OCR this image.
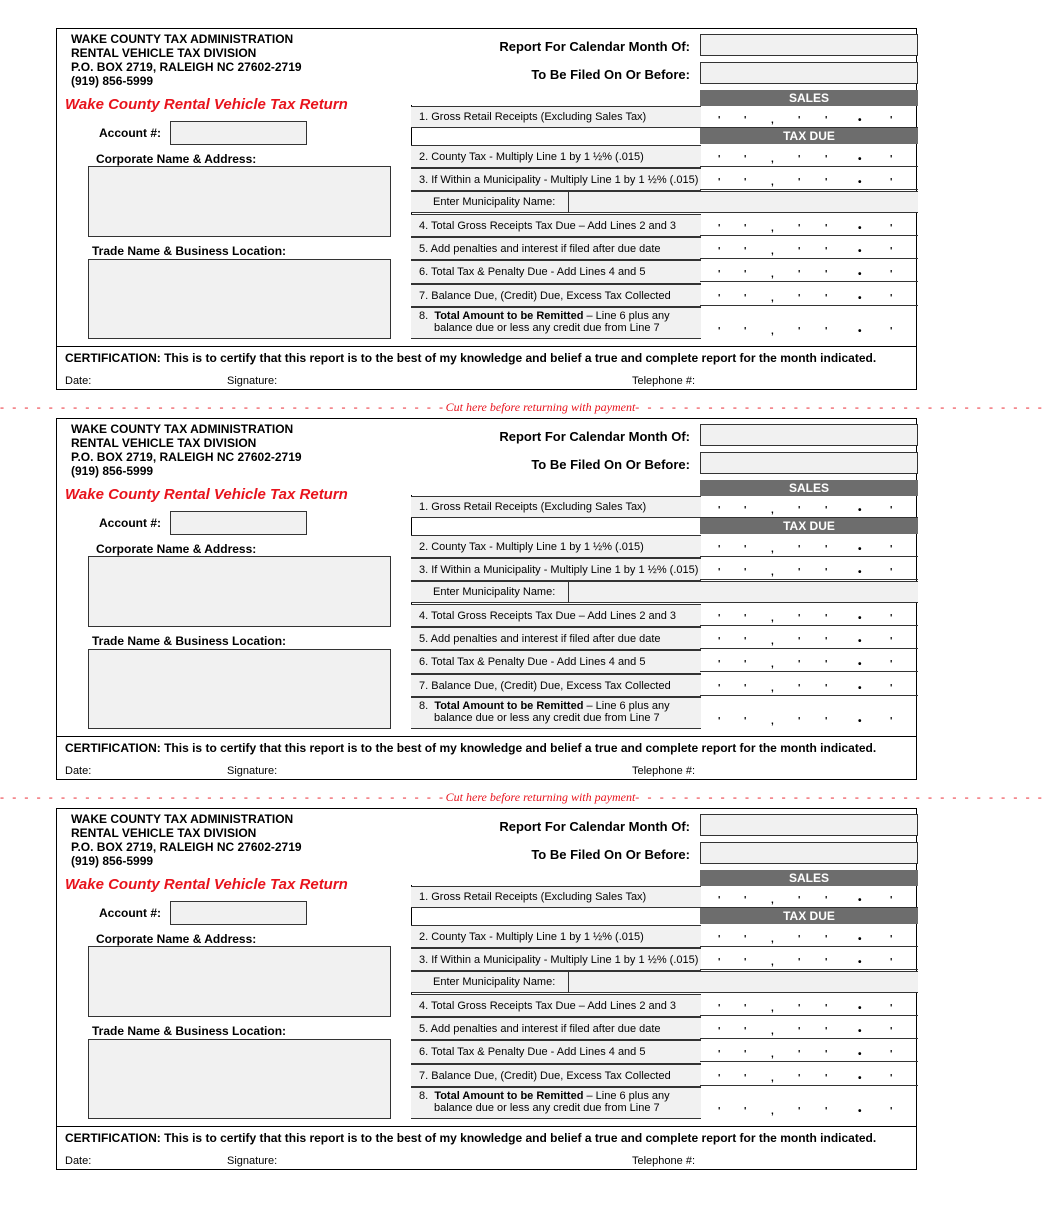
WAKE COUNTY TAX ADMINISTRATION
RENTAL VEHICLE TAX DIVISION
P.O. BOX 2719, RALEIGH NC 27602-2719
(919) 856-5999
Wake County Rental Vehicle Tax Return
Account #:
Corporate Name & Address:
Trade Name & Business Location:
Report For Calendar Month Of:
To Be Filed On Or Before:
SALES
1. Gross Retail Receipts (Excluding Sales Tax)	' ' , ' '	•	'
TAX DUE
2. County Tax - Multiply Line 1 by 1 ½% (.015)	' ' , ' '	•	'
3. If Within a Municipality - Multiply Line 1 by 1 ½% (.015) ' ' , ' '	•	'
Enter Municipality Name:
4. Total Gross Receipts Tax Due – Add Lines 2 and 3	' ' , ' '	•	'
5. Add penalties and interest if filed after due date	' ' , ' '	•	'
6. Total Tax & Penalty Due - Add Lines 4 and 5	' ' , ' '	•	'
7. Balance Due, (Credit) Due, Excess Tax Collected	' ' , ' '	•	'
8. Total Amount to be Remitted – Line 6 plus any
balance due or less any credit due from Line 7	' ' , ' '	•	'
CERTIFICATION: This is to certify that this report is to the best of my knowledge and belief a true and complete report for the month indicated.
Date:	Signature:	Telephone #:
WAKE COUNTY TAX ADMINISTRATION
RENTAL VEHICLE TAX DIVISION
P.O. BOX 2719, RALEIGH NC 27602-2719
(919) 856-5999
Wake County Rental Vehicle Tax Return
Account #:
Corporate Name & Address:
Trade Name & Business Location:
Report For Calendar Month Of:
To Be Filed On Or Before:
SALES
1. Gross Retail Receipts (Excluding Sales Tax)	' ' , ' '	•	'
TAX DUE
2. County Tax - Multiply Line 1 by 1 ½% (.015)	' ' , ' '	•	'
3. If Within a Municipality - Multiply Line 1 by 1 ½% (.015) ' ' , ' '	•	'
Enter Municipality Name:
4. Total Gross Receipts Tax Due – Add Lines 2 and 3	' ' , ' '	•	'
5. Add penalties and interest if filed after due date	' ' , ' '	•	'
6. Total Tax & Penalty Due - Add Lines 4 and 5	' ' , ' '	•	'
7. Balance Due, (Credit) Due, Excess Tax Collected	' ' , ' '	•	'
8. Total Amount to be Remitted – Line 6 plus any
balance due or less any credit due from Line 7	' ' , ' '	•	'
CERTIFICATION: This is to certify that this report is to the best of my knowledge and belief a true and complete report for the month indicated.
Date:	Signature:	Telephone #:
WAKE COUNTY TAX ADMINISTRATION
RENTAL VEHICLE TAX DIVISION
P.O. BOX 2719, RALEIGH NC 27602-2719
(919) 856-5999
Wake County Rental Vehicle Tax Return
Account #:
Corporate Name & Address:
Trade Name & Business Location:
Report For Calendar Month Of:
To Be Filed On Or Before:
SALES
1. Gross Retail Receipts (Excluding Sales Tax)	' ' , ' '	•	'
TAX DUE
2. County Tax - Multiply Line 1 by 1 ½% (.015)	' ' , ' '	•	'
3. If Within a Municipality - Multiply Line 1 by 1 ½% (.015) ' ' , ' '	•	'
Enter Municipality Name:
4. Total Gross Receipts Tax Due – Add Lines 2 and 3	' ' , ' '	•	'
5. Add penalties and interest if filed after due date	' ' , ' '	•	'
6. Total Tax & Penalty Due - Add Lines 4 and 5	' ' , ' '	•	'
7. Balance Due, (Credit) Due, Excess Tax Collected	' ' , ' '	•	'
8. Total Amount to be Remitted – Line 6 plus any
balance due or less any credit due from Line 7	' ' , ' '	•	'
CERTIFICATION: This is to certify that this report is to the best of my knowledge and belief a true and complete report for the month indicated.
Date:	Signature:	Telephone #:
- - - - - - - - - - - - - - - - - - - - - - - - - - - - - - - - - - - - -Cut here before returning with payment- - - - - - - - - - - - - - - - - - - - - - - - - - - - - - - - - -
- - - - - - - - - - - - - - - - - - - - - - - - - - - - - - - - - - - - -Cut here before returning with payment- - - - - - - - - - - - - - - - - - - - - - - - - - - - - - - - - -
